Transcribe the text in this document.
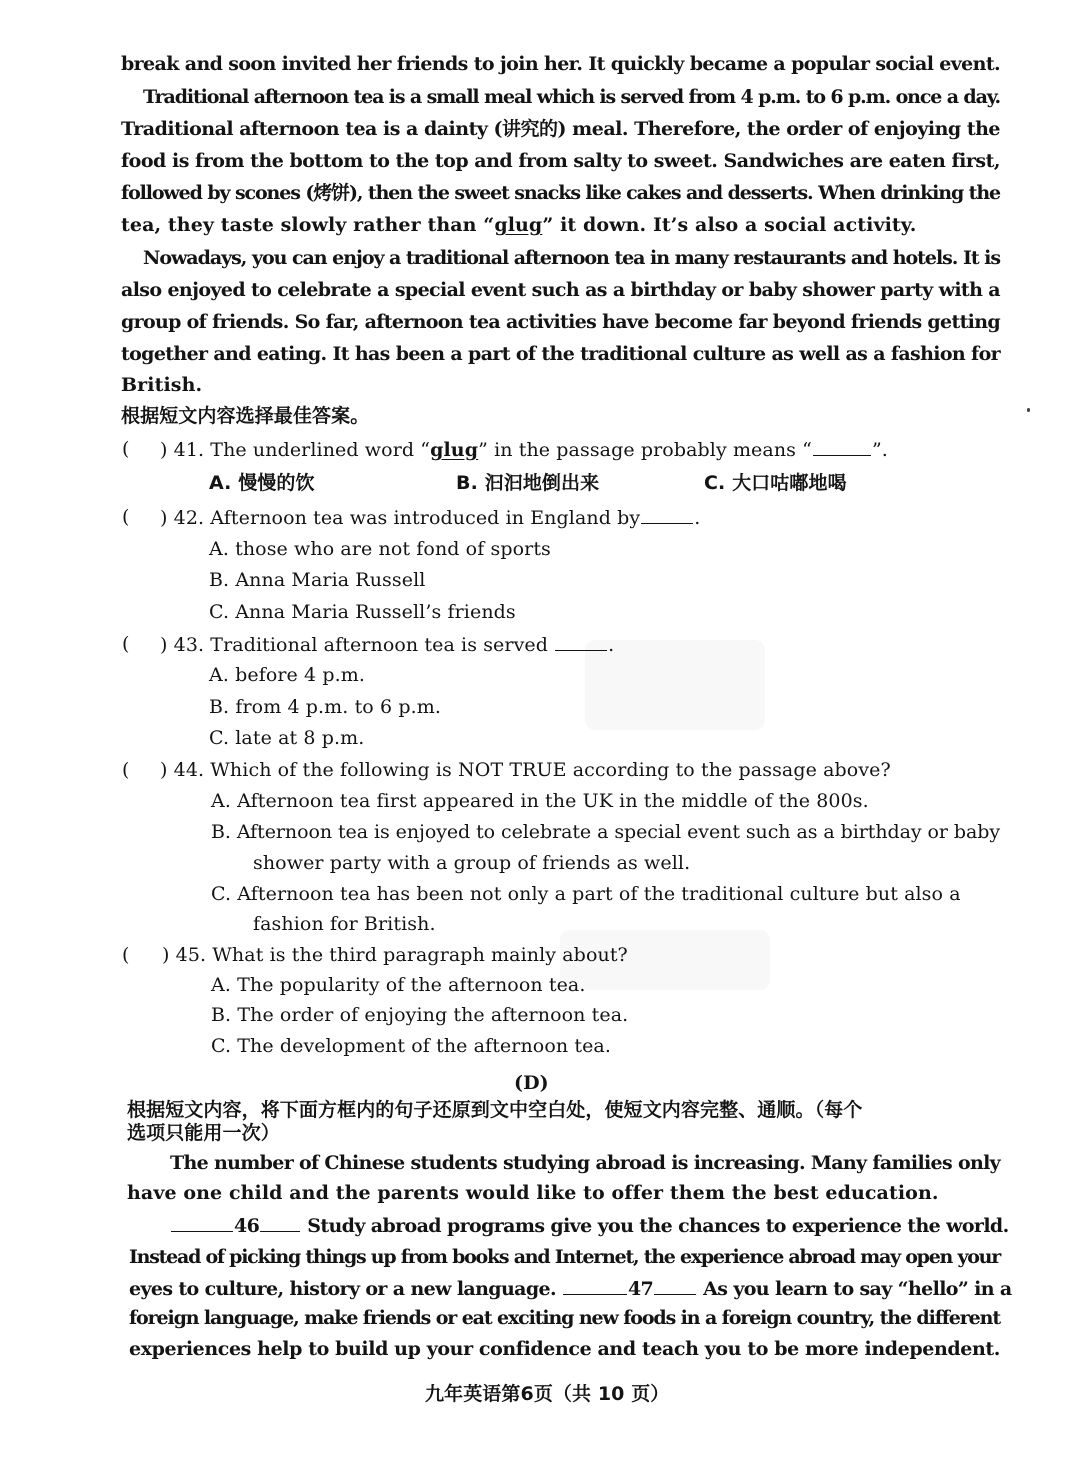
break and soon invited her friends to join her. It quickly became a popular social event.
Traditional afternoon tea is a small meal which is served from 4 p.m. to 6 p.m. once a day.
Traditional afternoon tea is a dainty (讲究的) meal. Therefore, the order of enjoying the
food is from the bottom to the top and from salty to sweet. Sandwiches are eaten first,
followed by scones (烤饼), then the sweet snacks like cakes and desserts. When drinking the
tea, they taste slowly rather than “glug” it down. It’s also a social activity.
Nowadays, you can enjoy a traditional afternoon tea in many restaurants and hotels. It is
also enjoyed to celebrate a special event such as a birthday or baby shower party with a
group of friends. So far, afternoon tea activities have become far beyond friends getting
together and eating. It has been a part of the traditional culture as well as a fashion for
British.
根据短文内容选择最佳答案。
( ) 41. The underlined word “glug” in the passage probably means “	”.
A. 慢慢的饮	B. 汩汩地倒出来	C. 大口咕嘟地喝
( ) 42. Afternoon tea was introduced in England by	.
A. those who are not fond of sports
B. Anna Maria Russell
C. Anna Maria Russell’s friends
( ) 43. Traditional afternoon tea is served	.
A. before 4 p.m.
B. from 4 p.m. to 6 p.m.
C. late at 8 p.m.
( ) 44. Which of the following is NOT TRUE according to the passage above?
A. Afternoon tea first appeared in the UK in the middle of the 800s.
B. Afternoon tea is enjoyed to celebrate a special event such as a birthday or baby
shower party with a group of friends as well.
C. Afternoon tea has been not only a part of the traditional culture but also a
fashion for British.
( ) 45. What is the third paragraph mainly about?
A. The popularity of the afternoon tea.
B. The order of enjoying the afternoon tea.
C. The development of the afternoon tea.
(D)
根据短文内容，将下面方框内的句子还原到文中空白处，使短文内容完整、通顺。（每个
选项只能用一次）
The number of Chinese students studying abroad is increasing. Many families only
have one child and the parents would like to offer them the best education.
46	Study abroad programs give you the chances to experience the world.
Instead of picking things up from books and Internet, the experience abroad may open your
eyes to culture, history or a new language.	47	As you learn to say “hello” in a
foreign language, make friends or eat exciting new foods in a foreign country, the different
experiences help to build up your confidence and teach you to be more independent.
九年英语第6页（共 10 页）
